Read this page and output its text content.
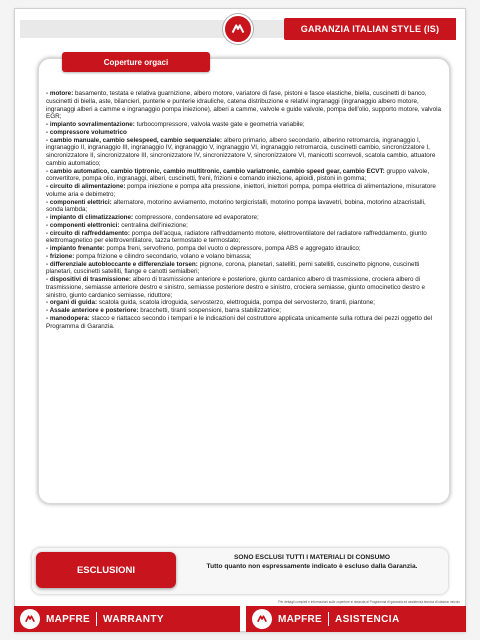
GARANZIA ITALIAN STYLE (IS)
Coperture orgaci

- motore: basamento, testata e relativa guarnizione, albero motore, variatore di fase, pistoni e fasce elastiche, biella, cuscinetti di banco, cuscinetti di biella, aste, bilancieri, punterie e punterie idrauliche, catena distribuzione e relativi ingranaggi (ingranaggio albero motore, ingranaggi alberi a camme e ingranaggio pompa iniezione), alberi a camme, valvole e guide valvole, pompa dell'olio, supporto motore, valvola EGR;

- impianto sovralimentazione: turbocompressore, valvola waste gate e geometria variabile;

- compressore volumetrico

- cambio manuale, cambio selespeed, cambio sequenziale: albero primario, albero secondario, alberino retromarcia, ingranaggio I, ingranaggio II, ingranaggio III, ingranaggio IV, ingranaggio V, ingranaggio VI, ingranaggio retromarcia, cuscinetti cambio, sincronizzatore I, sincronizzatore II, sincronizzatore III, sincronizzatore IV, sincronizzatore V, sincronizzatore VI, manicotti scorrevoli, scatola cambio, attuatore cambio automatico;

- cambio automatico, cambio tiptronic, cambio multitronic, cambio variatronic, cambio speed gear, cambio ECVT: gruppo valvole, convertitore, pompa olio, ingranaggi, alberi, cuscinetti, freni, frizioni e comando iniezione, apioidi, pistoni in gomma;

- circuito di alimentazione: pompa iniezione e pompa alta pressione, iniettori, iniettori pompa, pompa elettrica di alimentazione, misuratore volume aria e debimetro;

- componenti elettrici: alternatore, motorino avviamento, motorino tergicristalli, motorino pompa lavavetri, bobina, motorino alzacristalli, sonda lambda;

- impianto di climatizzazione: compressore, condensatore ed evaporatore;

- componenti elettronici: centralina dell'iniezione;

- circuito di raffreddamento: pompa dell'acqua, radiatore raffreddamento motore, elettroventilatore del radiatore raffreddamento, giunto elettromagnetico per elettroventilatore, tazza termostato e termostato;

- impianto frenante: pompa freni, servofreno, pompa del vuoto o depressore, pompa ABS e aggregato idraulico;

- frizione: pompa frizione e cilindro secondario, volano e volano bimassa;

- differenziale autobloccante e differenziale torsen: pignone, corona, planetari, satelliti, perni satelliti, cuscinetto pignone, cuscinetti planetari, cuscinetti satelliti, flange e canotti semialberi;

- dispositivi di trasmissione: albero di trasmissione anteriore e posteriore, giunto cardanico albero di trasmissione, crociera albero di trasmissione, semiasse anteriore destro e sinistro, semiasse posteriore destro e sinistro, crociera semiasse, giunto omocinetico destro e sinistro, giunto cardanico semiasse, riduttore;

- organi di guida: scatola guida, scatola idroguida, servosterzo, elettroguida, pompa del servosterzo, tiranti, piantone;

- Assale anteriore e posteriore: bracchetti, tiranti sospensioni, barra stabilizzatrice;

- manodopera: stacco e riattacco secondo i tempari e le indicazioni del costruttore applicata unicamente sulla rottura dei pezzi oggetto del Programma di Garanzia.

ESCLUSIONI
SONO ESCLUSI TUTTI I MATERIALI DI CONSUMO
Tutto quanto non espressamente indicato è escluso dalla Garanzia.
Per dettagli completi e informazioni sulle coperture si rimanda al Programma di garanzia ed assistenza tecnica di ciascun veicolo
MAPFRE WARRANTY	MAPFRE ASISTENCIA
